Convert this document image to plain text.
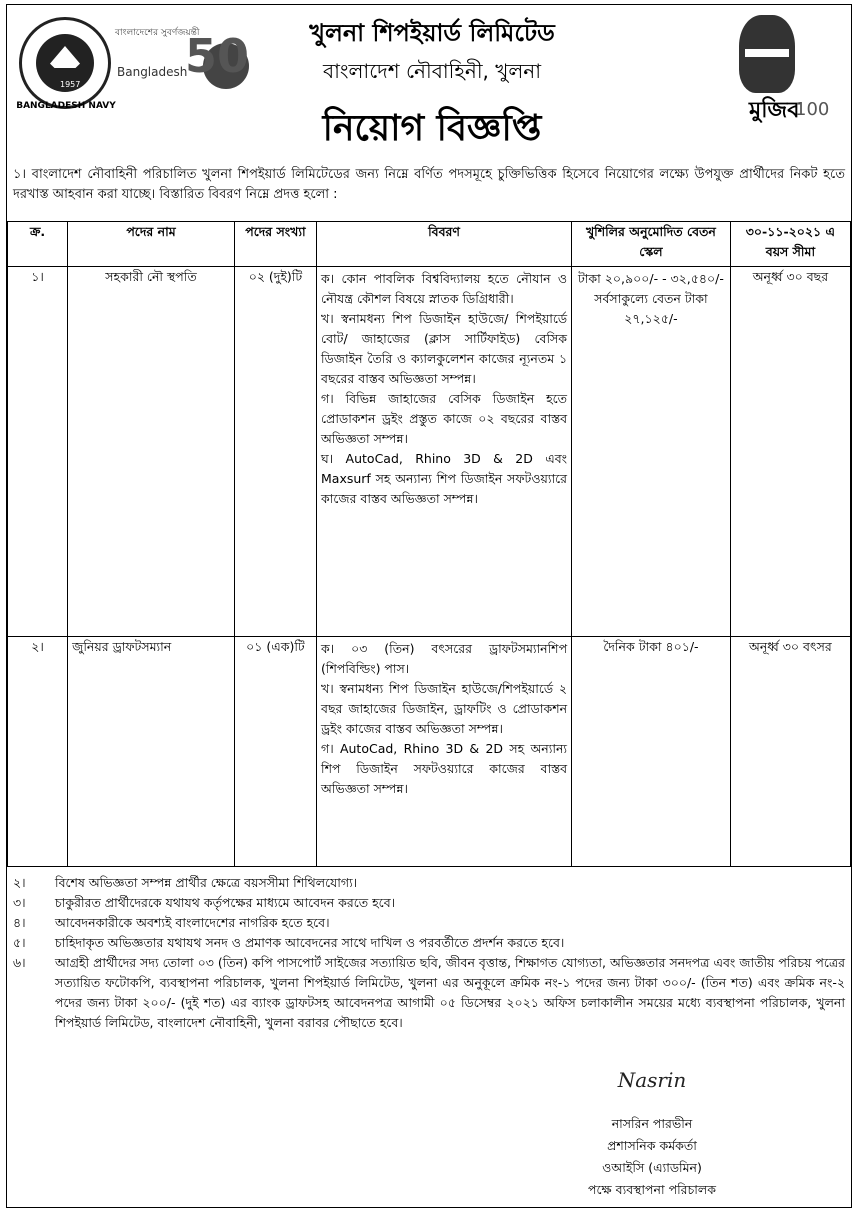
1957
BANGLADESH NAVY
বাংলাদেশের সুবর্ণজয়ন্তী
50
Bangladesh
খুলনা শিপইয়ার্ড লিমিটেড
বাংলাদেশ নৌবাহিনী, খুলনা
নিয়োগ বিজ্ঞপ্তি	মুজিব
100
১। বাংলাদেশ নৌবাহিনী পরিচালিত খুলনা শিপইয়ার্ড লিমিটেডের জন্য নিম্নে বর্ণিত পদসমূহে চুক্তিভিত্তিক হিসেবে নিয়োগের লক্ষ্যে উপযুক্ত প্রার্থীদের নিকট হতে দরখাস্ত আহবান করা যাচ্ছে। বিস্তারিত বিবরণ নিম্নে প্রদত্ত হলো :
ক্র.	পদের নাম	পদের সংখ্যা	বিবরণ	খুশিলির অনুমোদিত বেতন স্কেল	৩০-১১-২০২১ এ বয়স সীমা
১।	সহকারী নৌ স্থপতি	০২ (দুই)টি	ক। কোন পাবলিক বিশ্ববিদ্যালয় হতে নৌযান ও নৌযন্ত্র কৌশল বিষয়ে স্নাতক ডিগ্রিধারী।

খ। স্বনামধন্য শিপ ডিজাইন হাউজে/ শিপইয়ার্ডে বোট/ জাহাজের (ক্লাস সার্টিফাইড) বেসিক ডিজাইন তৈরি ও ক্যালকুলেশন কাজের ন্যূনতম ১ বছরের বাস্তব অভিজ্ঞতা সম্পন্ন।

গ। বিভিন্ন জাহাজের বেসিক ডিজাইন হতে প্রোডাকশন ড্রইং প্রস্তুত কাজে ০২ বছরের বাস্তব অভিজ্ঞতা সম্পন্ন।

ঘ। AutoCad, Rhino 3D & 2D এবং Maxsurf সহ অন্যান্য শিপ ডিজাইন সফটওয়্যারে কাজের বাস্তব অভিজ্ঞতা সম্পন্ন।	টাকা ২০,৯০০/- - ৩২,৫৪০/- সর্বসাকুল্যে বেতন টাকা ২৭,১২৫/-	অনূর্ধ্ব ৩০ বছর
২।	জুনিয়র ড্রাফটসম্যান	০১ (এক)টি	ক। ০৩ (তিন) বৎসরের ড্রাফটসম্যানশিপ (শিপবিল্ডিং) পাস।

খ। স্বনামধন্য শিপ ডিজাইন হাউজে/শিপইয়ার্ডে ২ বছর জাহাজের ডিজাইন, ড্রাফটিং ও প্রোডাকশন ড্রইং কাজের বাস্তব অভিজ্ঞতা সম্পন্ন।

গ। AutoCad, Rhino 3D & 2D সহ অন্যান্য শিপ ডিজাইন সফটওয়্যারে কাজের বাস্তব অভিজ্ঞতা সম্পন্ন।	দৈনিক টাকা ৪০১/-	অনূর্ধ্ব ৩০ বৎসর
২।	বিশেষ অভিজ্ঞতা সম্পন্ন প্রার্থীর ক্ষেত্রে বয়সসীমা শিথিলযোগ্য।
৩।	চাকুরীরত প্রার্থীদেরকে যথাযথ কর্তৃপক্ষের মাধ্যমে আবেদন করতে হবে।
৪।	আবেদনকারীকে অবশ্যই বাংলাদেশের নাগরিক হতে হবে।
৫।	চাহিদাকৃত অভিজ্ঞতার যথাযথ সনদ ও প্রমাণক আবেদনের সাথে দাখিল ও পরবর্তীতে প্রদর্শন করতে হবে।
৬।	আগ্রহী প্রার্থীদের সদ্য তোলা ০৩ (তিন) কপি পাসপোর্ট সাইজের সত্যায়িত ছবি, জীবন বৃত্তান্ত, শিক্ষাগত যোগ্যতা, অভিজ্ঞতার সনদপত্র এবং জাতীয় পরিচয় পত্রের সত্যায়িত ফটোকপি, ব্যবস্থাপনা পরিচালক, খুলনা শিপইয়ার্ড লিমিটেড, খুলনা এর অনুকূলে ক্রমিক নং-১ পদের জন্য টাকা ৩০০/- (তিন শত) এবং ক্রমিক নং-২ পদের জন্য টাকা ২০০/- (দুই শত) এর ব্যাংক ড্রাফটসহ আবেদনপত্র আগামী ০৫ ডিসেম্বর ২০২১ অফিস চলাকালীন সময়ের মধ্যে ব্যবস্থাপনা পরিচালক, খুলনা শিপইয়ার্ড লিমিটেড, বাংলাদেশ নৌবাহিনী, খুলনা বরাবর পৌছাতে হবে।
Nasrin
নাসরিন পারভীন
প্রশাসনিক কর্মকর্তা
ওআইসি (এ্যাডমিন)
পক্ষে ব্যবস্থাপনা পরিচালক
